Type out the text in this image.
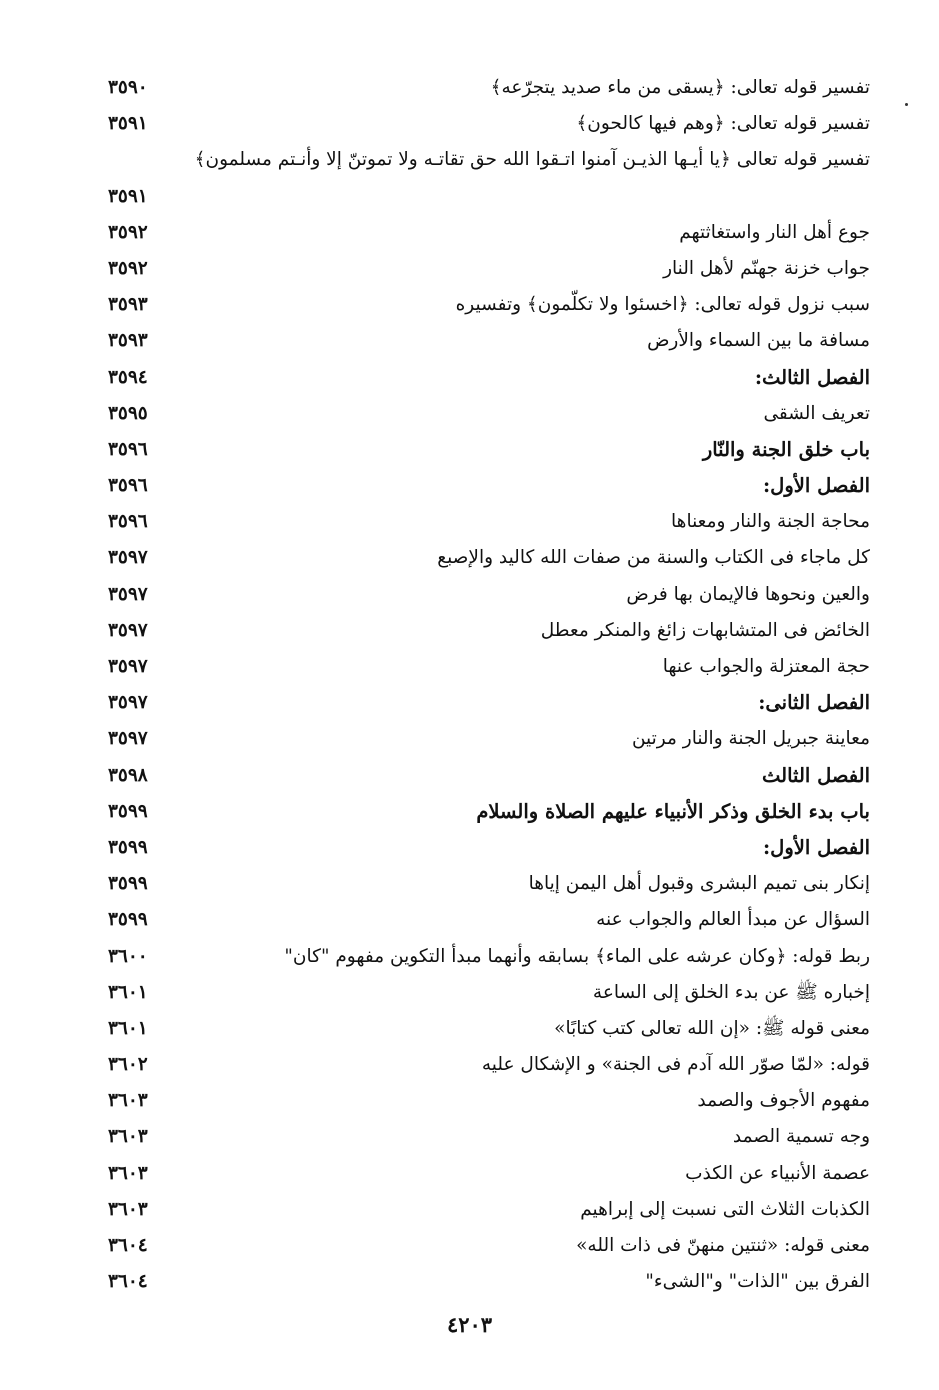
تفسير قوله تعالى: ﴿يسقى من ماء صديد يتجرّعه﴾
٣٥٩٠
تفسير قوله تعالى: ﴿وهم فيها كالحون﴾
٣٥٩١
تفسير قوله تعالى ﴿يا أيـها الذيـن آمنوا اتـقوا الله حق تقاتـه ولا تموتنّ إلا وأنـتم مسلمون﴾
٣٥٩١
جوع أهل النار واستغاثتهم
٣٥٩٢
جواب خزنة جهنّم لأهل النار
٣٥٩٢
سبب نزول قوله تعالى: ﴿اخسئوا ولا تكلّمون﴾ وتفسيره
٣٥٩٣
مسافة ما بين السماء والأرض
٣٥٩٣
الفصل الثالث:
٣٥٩٤
تعريف الشقى
٣٥٩٥
باب خلق الجنة والنّار
٣٥٩٦
الفصل الأول:
٣٥٩٦
محاجة الجنة والنار ومعناها
٣٥٩٦
كل ماجاء فى الكتاب والسنة من صفات الله كاليد والإصبع
٣٥٩٧
والعين ونحوها فالإيمان بها فرض
٣٥٩٧
الخائض فى المتشابهات زائغ والمنكر معطل
٣٥٩٧
حجة المعتزلة والجواب عنها
٣٥٩٧
الفصل الثانى:
٣٥٩٧
معاينة جبريل الجنة والنار مرتين
٣٥٩٧
الفصل الثالث
٣٥٩٨
باب بدء الخلق وذكر الأنبياء عليهم الصلاة والسلام
٣٥٩٩
الفصل الأول:
٣٥٩٩
إنكار بنى تميم البشرى وقبول أهل اليمن إياها
٣٥٩٩
السؤال عن مبدأ العالم والجواب عنه
٣٥٩٩
ربط قوله: ﴿وكان عرشه على الماء﴾ بسابقه وأنهما مبدأ التكوين مفهوم "كان"
٣٦٠٠
إخباره ﷺ عن بدء الخلق إلى الساعة
٣٦٠١
معنى قوله ﷺ: «إن الله تعالى كتب كتابًا»
٣٦٠١
قوله: «لمّا صوّر الله آدم فى الجنة» و الإشكال عليه
٣٦٠٢
مفهوم الأجوف والصمد
٣٦٠٣
وجه تسمية الصمد
٣٦٠٣
عصمة الأنبياء عن الكذب
٣٦٠٣
الكذبات الثلاث التى نسبت إلى إبراهيم
٣٦٠٣
معنى قوله: «ثنتين منهنّ فى ذات الله»
٣٦٠٤
الفرق بين "الذات" و"الشىء"
٣٦٠٤
٤٢٠٣
